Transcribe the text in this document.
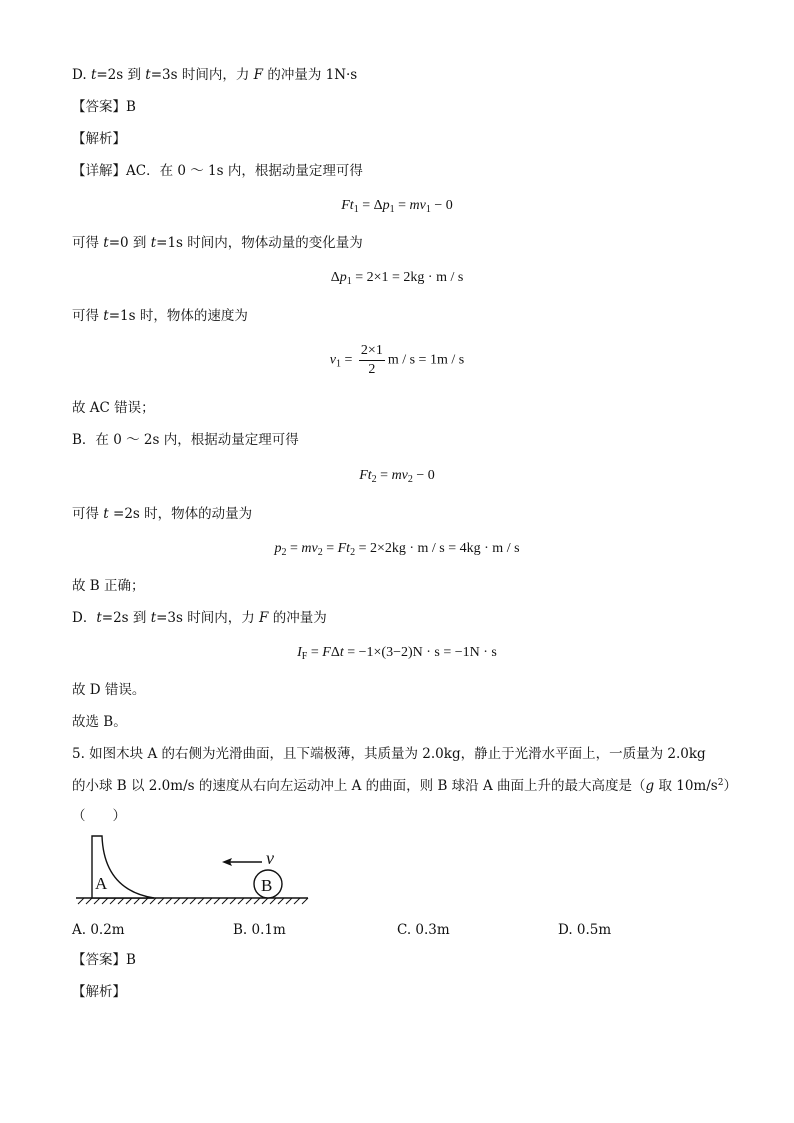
D. t=2s 到 t=3s 时间内，力 F 的冲量为 1N·s
【答案】B
【解析】
【详解】AC．在 0 ～ 1s 内，根据动量定理可得
$Ft_1 = \Delta p_1 = mv_1 - 0$
可得 t=0 到 t=1s 时间内，物体动量的变化量为
$\Delta p_1 = 2\times 1 = 2kg \cdot m / s$
可得 t=1s 时，物体的速度为
$v_1 = \frac{2\times 1}{2}$ m / s = 1m / s
故 AC 错误；
B．在 0 ～ 2s 内，根据动量定理可得
$Ft_2 = mv_2 - 0$
可得 t =2s 时，物体的动量为
$p_2 = mv_2 = Ft_2 = 2\times 2kg \cdot m / s = 4kg \cdot m / s$
故 B 正确；
D．t=2s 到 t=3s 时间内，力 F 的冲量为
$I_F = F\Delta t = -1\times(3-2)N \cdot s = -1N \cdot s$
故 D 错误。
故选 B。
5. 如图木块 A 的右侧为光滑曲面，且下端极薄，其质量为 2.0kg，静止于光滑水平面上，一质量为 2.0kg
的小球 B 以 2.0m/s 的速度从右向左运动冲上 A 的曲面，则 B 球沿 A 曲面上升的最大高度是（g 取 $10m/s^2$）
（　　）
A
v
B
A. 0.2m	B. 0.1m	C. 0.3m	D. 0.5m
【答案】B
【解析】
